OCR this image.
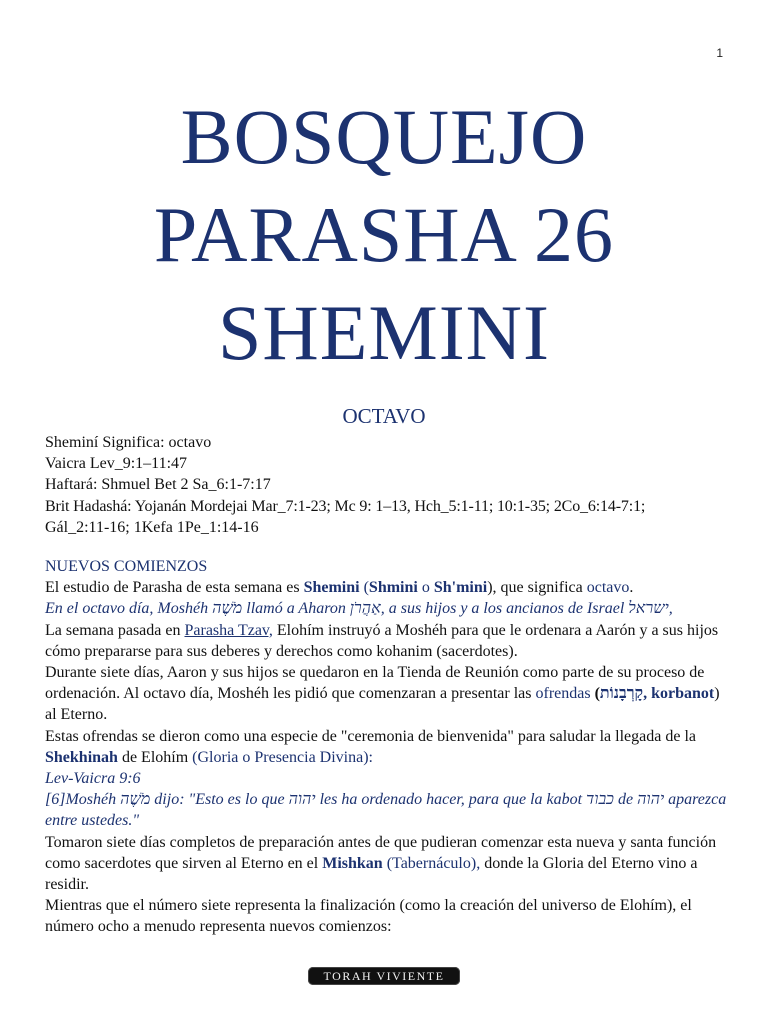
1
BOSQUEJO
PARASHA 26
SHEMINI
OCTAVO
Sheminí Significa: octavo
Vaicra Lev_9:1–11:47
Haftará: Shmuel Bet 2 Sa_6:1-7:17
Brit Hadashá: Yojanán Mordejai Mar_7:1-23; Mc 9: 1–13, Hch_5:1-11; 10:1-35; 2Co_6:14-7:1;
Gál_2:11-16; 1Kefa 1Pe_1:14-16

NUEVOS COMIENZOS

El estudio de Parasha de esta semana es Shemini (Shmini o Sh'mini), que significa octavo.

En el octavo día, Moshéh מֹשֶׁה llamó a Aharon אַהֲרֹן, a sus hijos y a los ancianos de Israel ישראל,

La semana pasada en Parasha Tzav, Elohím instruyó a Moshéh para que le ordenara a Aarón y a sus hijos cómo prepararse para sus deberes y derechos como kohanim (sacerdotes).

Durante siete días, Aaron y sus hijos se quedaron en la Tienda de Reunión como parte de su proceso de ordenación. Al octavo día, Moshéh les pidió que comenzaran a presentar las ofrendas (קָרְבָנוֹת, korbanot) al Eterno.

Estas ofrendas se dieron como una especie de "ceremonia de bienvenida" para saludar la llegada de la Shekhinah de Elohím (Gloria o Presencia Divina):

Lev-Vaicra 9:6

[6]Moshéh מֹשֶׁה dijo: "Esto es lo que יהוה les ha ordenado hacer, para que la kabot כבוד de יהוה aparezca entre ustedes."

Tomaron siete días completos de preparación antes de que pudieran comenzar esta nueva y santa función como sacerdotes que sirven al Eterno en el Mishkan (Tabernáculo), donde la Gloria del Eterno vino a residir.

Mientras que el número siete representa la finalización (como la creación del universo de Elohím), el número ocho a menudo representa nuevos comienzos:

TORAH VIVIENTE
